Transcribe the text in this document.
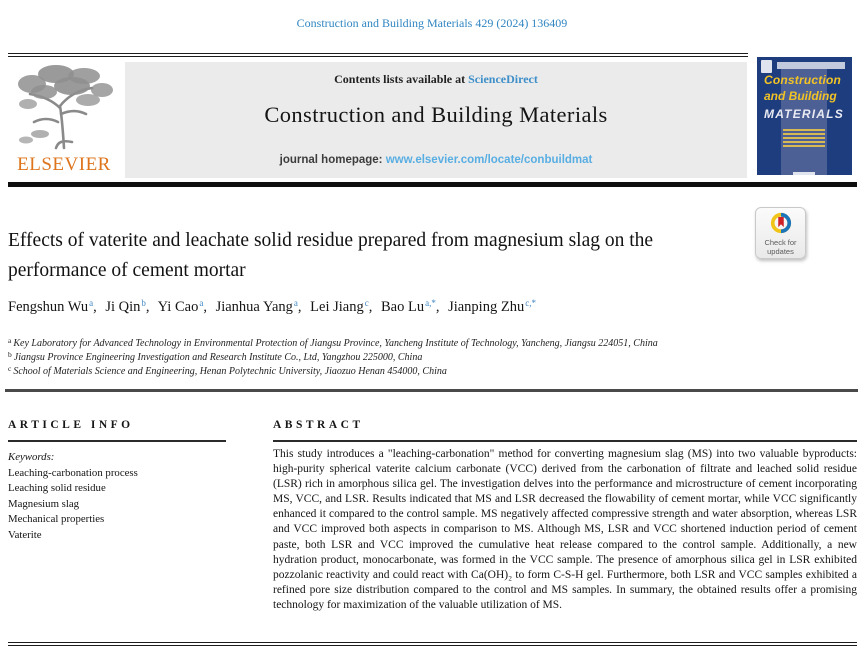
Construction and Building Materials 429 (2024) 136409
ELSEVIER
Contents lists available at ScienceDirect
Construction and Building Materials
journal homepage: www.elsevier.com/locate/conbuildmat
Construction
and Building
MATERIALS
Check for
updates
Effects of vaterite and leachate solid residue prepared from magnesium slag on the performance of cement mortar
Fengshun Wu$^a$, Ji Qin$^b$, Yi Cao$^a$, Jianhua Yang$^a$, Lei Jiang$^c$, Bao $Lu^{a,*}$, Jianping Zhu$^{c,*}$
$^a$ Key Laboratory for Advanced Technology in Environmental Protection of Jiangsu Province, Yancheng Institute of Technology, Yancheng, Jiangsu 224051, China
$^b$ Jiangsu Province Engineering Investigation and Research Institute Co., Ltd, Yangzhou 225000, China
$^c$ School of Materials Science and Engineering, Henan Polytechnic University, Jiaozuo Henan 454000, China
ARTICLE INFO	ABSTRACT
Keywords:
Leaching-carbonation process
Leaching solid residue
Magnesium slag
Mechanical properties
Vaterite
This study introduces a "leaching-carbonation" method for converting magnesium slag (MS) into two valuable byproducts: high-purity spherical vaterite calcium carbonate (VCC) derived from the carbonation of filtrate and leached solid residue (LSR) rich in amorphous silica gel. The investigation delves into the performance and microstructure of cement incorporating MS, VCC, and LSR. Results indicated that MS and LSR decreased the flowability of cement mortar, while VCC significantly enhanced it compared to the control sample. MS negatively affected compressive strength and water absorption, whereas LSR and VCC improved both aspects in comparison to MS. Although MS, LSR and VCC shortened induction period of cement paste, both LSR and VCC improved the cumulative heat release compared to the control sample. Additionally, a new hydration product, monocarbonate, was formed in the VCC sample. The presence of amorphous silica gel in LSR exhibited pozzolanic reactivity and could react with Ca(OH)₂ to form C-S-H gel. Furthermore, both LSR and VCC samples exhibited a refined pore size distribution compared to the control and MS samples. In summary, the obtained results offer a promising technology for maximization of the valuable utilization of MS.
